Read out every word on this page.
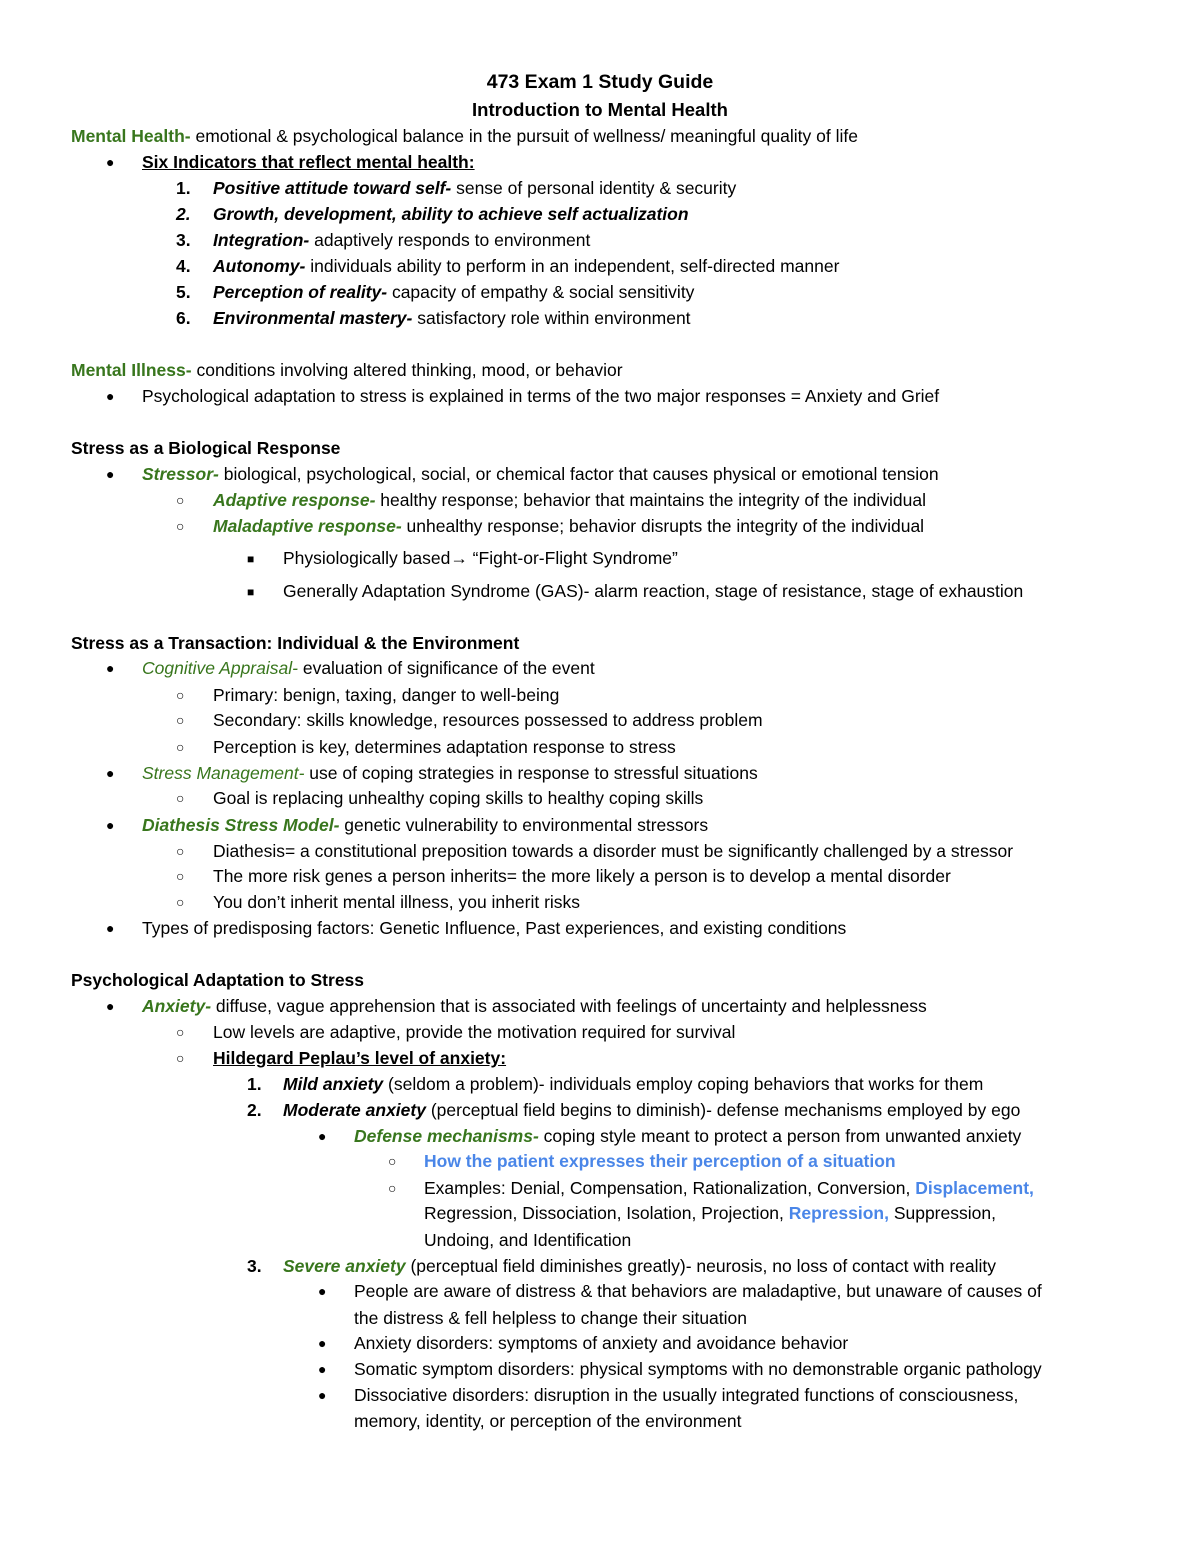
473 Exam 1 Study Guide
Introduction to Mental Health
Mental Health- emotional & psychological balance in the pursuit of wellness/ meaningful quality of life
● Six Indicators that reflect mental health:
1. Positive attitude toward self- sense of personal identity & security
2. Growth, development, ability to achieve self actualization
3. Integration- adaptively responds to environment
4. Autonomy- individuals ability to perform in an independent, self-directed manner
5. Perception of reality- capacity of empathy & social sensitivity
6. Environmental mastery- satisfactory role within environment
Mental Illness- conditions involving altered thinking, mood, or behavior
● Psychological adaptation to stress is explained in terms of the two major responses = Anxiety and Grief
Stress as a Biological Response
● Stressor- biological, psychological, social, or chemical factor that causes physical or emotional tension
○ Adaptive response- healthy response; behavior that maintains the integrity of the individual
○ Maladaptive response- unhealthy response; behavior disrupts the integrity of the individual
■ Physiologically based→ “Fight-or-Flight Syndrome”
■ Generally Adaptation Syndrome (GAS)- alarm reaction, stage of resistance, stage of exhaustion
Stress as a Transaction: Individual & the Environment
● Cognitive Appraisal- evaluation of significance of the event
○ Primary: benign, taxing, danger to well-being
○ Secondary: skills knowledge, resources possessed to address problem
○ Perception is key, determines adaptation response to stress
● Stress Management- use of coping strategies in response to stressful situations
○ Goal is replacing unhealthy coping skills to healthy coping skills
● Diathesis Stress Model- genetic vulnerability to environmental stressors
○ Diathesis= a constitutional preposition towards a disorder must be significantly challenged by a stressor
○ The more risk genes a person inherits= the more likely a person is to develop a mental disorder
○ You don’t inherit mental illness, you inherit risks
● Types of predisposing factors: Genetic Influence, Past experiences, and existing conditions
Psychological Adaptation to Stress
● Anxiety- diffuse, vague apprehension that is associated with feelings of uncertainty and helplessness
○ Low levels are adaptive, provide the motivation required for survival
○ Hildegard Peplau’s level of anxiety:
1. Mild anxiety (seldom a problem)- individuals employ coping behaviors that works for them
2. Moderate anxiety (perceptual field begins to diminish)- defense mechanisms employed by ego
● Defense mechanisms- coping style meant to protect a person from unwanted anxiety
○ How the patient expresses their perception of a situation
○ Examples: Denial, Compensation, Rationalization, Conversion, Displacement,
Regression, Dissociation, Isolation, Projection, Repression, Suppression,
Undoing, and Identification
3. Severe anxiety (perceptual field diminishes greatly)- neurosis, no loss of contact with reality
● People are aware of distress & that behaviors are maladaptive, but unaware of causes of
the distress & fell helpless to change their situation
● Anxiety disorders: symptoms of anxiety and avoidance behavior
● Somatic symptom disorders: physical symptoms with no demonstrable organic pathology
● Dissociative disorders: disruption in the usually integrated functions of consciousness,
memory, identity, or perception of the environment
